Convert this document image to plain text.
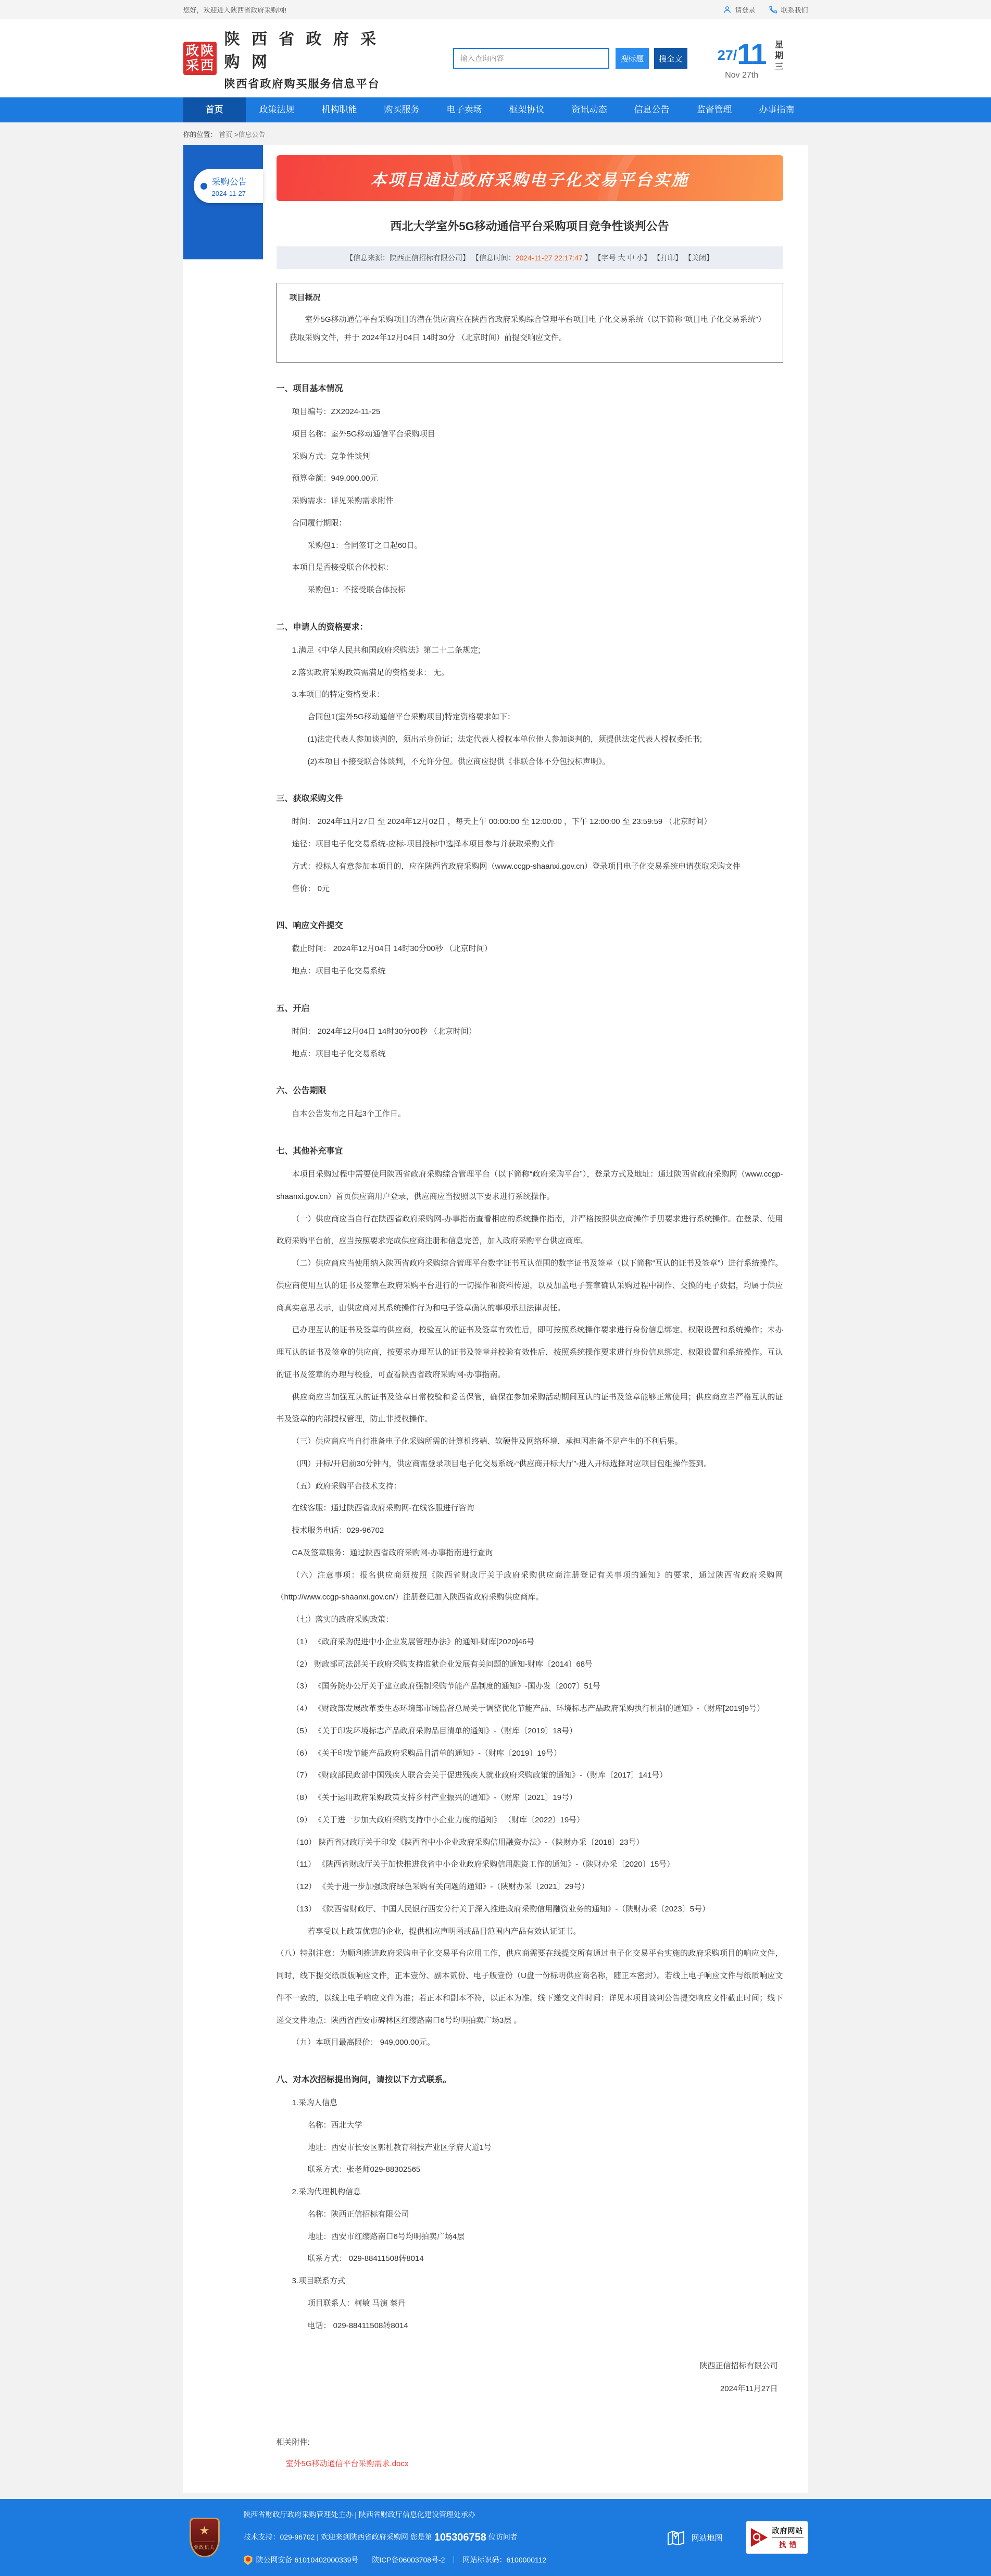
您好，欢迎进入陕西省政府采购网!	请登录	联系我们
政 陕
采 西
陕 西 省 政 府 采 购 网
陕西省政府购买服务信息平台
输入查询内容
搜标题	搜全文	27/11
Nov 27th
星期三
首页	政策法规	机构职能	购买服务	电子卖场	框架协议	资讯动态	信息公告	监督管理	办事指南
你的位置： 首页 >信息公告
采购公告
2024-11-27
本项目通过政府采购电子化交易平台实施
西北大学室外5G移动通信平台采购项目竞争性谈判公告
【信息来源：陕西正信招标有限公司】 【信息时间：2024-11-27 22:17:47 】 【字号 大 中 小】 【打印】 【关闭】
项目概况

室外5G移动通信平台采购项目的潜在供应商应在陕西省政府采购综合管理平台项目电子化交易系统（以下简称“项目电子化交易系统”）获取采购文件，并于 2024年12月04日 14时30分 （北京时间）前提交响应文件。

一、项目基本情况

项目编号：ZX2024-11-25

项目名称：室外5G移动通信平台采购项目

采购方式：竞争性谈判

预算金额：949,000.00元

采购需求：详见采购需求附件

合同履行期限：

采购包1：合同签订之日起60日。

本项目是否接受联合体投标：

采购包1：不接受联合体投标

二、申请人的资格要求：

1.满足《中华人民共和国政府采购法》第二十二条规定;

2.落实政府采购政策需满足的资格要求： 无。

3.本项目的特定资格要求：

合同包1(室外5G移动通信平台采购项目)特定资格要求如下：

(1)法定代表人参加谈判的，须出示身份证；法定代表人授权本单位他人参加谈判的，须提供法定代表人授权委托书;

(2)本项目不接受联合体谈判，不允许分包。供应商应提供《非联合体不分包投标声明》。

三、获取采购文件

时间： 2024年11月27日 至 2024年12月02日 ，每天上午 00:00:00 至 12:00:00 ，下午 12:00:00 至 23:59:59 （北京时间）

途径：项目电子化交易系统-应标-项目投标中选择本项目参与并获取采购文件

方式：投标人有意参加本项目的，应在陕西省政府采购网（www.ccgp-shaanxi.gov.cn）登录项目电子化交易系统申请获取采购文件

售价： 0元

四、响应文件提交

截止时间： 2024年12月04日 14时30分00秒 （北京时间）

地点：项目电子化交易系统

五、开启

时间： 2024年12月04日 14时30分00秒 （北京时间）

地点：项目电子化交易系统

六、公告期限

自本公告发布之日起3个工作日。

七、其他补充事宜

本项目采购过程中需要使用陕西省政府采购综合管理平台（以下简称“政府采购平台”），登录方式及地址：通过陕西省政府采购网（www.ccgp-shaanxi.gov.cn）首页供应商用户登录，供应商应当按照以下要求进行系统操作。

（一）供应商应当自行在陕西省政府采购网-办事指南查看相应的系统操作指南，并严格按照供应商操作手册要求进行系统操作。在登录、使用政府采购平台前，应当按照要求完成供应商注册和信息完善，加入政府采购平台供应商库。

（二）供应商应当使用纳入陕西省政府采购综合管理平台数字证书互认范围的数字证书及签章（以下简称“互认的证书及签章”）进行系统操作。供应商使用互认的证书及签章在政府采购平台进行的一切操作和资料传递，以及加盖电子签章确认采购过程中制作、交换的电子数据，均属于供应商真实意思表示，由供应商对其系统操作行为和电子签章确认的事项承担法律责任。

已办理互认的证书及签章的供应商，校验互认的证书及签章有效性后，即可按照系统操作要求进行身份信息绑定、权限设置和系统操作；未办理互认的证书及签章的供应商，按要求办理互认的证书及签章并校验有效性后，按照系统操作要求进行身份信息绑定、权限设置和系统操作。互认的证书及签章的办理与校验，可查看陕西省政府采购网-办事指南。

供应商应当加强互认的证书及签章日常校验和妥善保管，确保在参加采购活动期间互认的证书及签章能够正常使用；供应商应当严格互认的证书及签章的内部授权管理，防止非授权操作。

（三）供应商应当自行准备电子化采购所需的计算机终端、软硬件及网络环境，承担因准备不足产生的不利后果。

（四）开标/开启前30分钟内，供应商需登录项目电子化交易系统-“供应商开标大厅”-进入开标选择对应项目包组操作签到。

（五）政府采购平台技术支持：

在线客服：通过陕西省政府采购网-在线客服进行咨询

技术服务电话：029-96702

CA及签章服务：通过陕西省政府采购网-办事指南进行查询

（六）注意事项：报名供应商须按照《陕西省财政厅关于政府采购供应商注册登记有关事项的通知》的要求，通过陕西省政府采购网（http://www.ccgp-shaanxi.gov.cn/）注册登记加入陕西省政府采购供应商库。

（七）落实的政府采购政策：

（1） 《政府采购促进中小企业发展管理办法》的通知-财库[2020]46号

（2） 财政部司法部关于政府采购支持监狱企业发展有关问题的通知-财库〔2014〕68号

（3） 《国务院办公厅关于建立政府强制采购节能产品制度的通知》-国办发〔2007〕51号

（4） 《财政部发展改革委生态环境部市场监督总局关于调整优化节能产品、环境标志产品政府采购执行机制的通知》-（财库[2019]9号）

（5） 《关于印发环境标志产品政府采购品目清单的通知》-（财库〔2019〕18号）

（6） 《关于印发节能产品政府采购品目清单的通知》-（财库〔2019〕19号）

（7） 《财政部民政部中国残疾人联合会关于促进残疾人就业政府采购政策的通知》-（财库〔2017〕141号）

（8） 《关于运用政府采购政策支持乡村产业振兴的通知》-（财库〔2021〕19号）

（9） 《关于进一步加大政府采购支持中小企业力度的通知》 （财库〔2022〕19号）

（10） 陕西省财政厅关于印发《陕西省中小企业政府采购信用融资办法》-（陕财办采〔2018〕23号）

（11） 《陕西省财政厅关于加快推进我省中小企业政府采购信用融资工作的通知》-（陕财办采〔2020〕15号）

（12） 《关于进一步加强政府绿色采购有关问题的通知》-（陕财办采〔2021〕29号）

（13） 《陕西省财政厅、中国人民银行西安分行关于深入推进政府采购信用融资业务的通知》-（陕财办采〔2023〕5号）

若享受以上政策优惠的企业，提供相应声明函或品目范围内产品有效认证证书。

（八）特别注意：为顺利推进政府采购电子化交易平台应用工作，供应商需要在线提交所有通过电子化交易平台实施的政府采购项目的响应文件，同时，线下提交纸质版响应文件，正本壹份、副本贰份、电子版壹份（U盘一份标明供应商名称，随正本密封）。若线上电子响应文件与纸质响应文件不一致的，以线上电子响应文件为准；若正本和副本不符，以正本为准。线下递交文件时间：详见本项目谈判公告提交响应文件截止时间；线下递交文件地点：陕西省西安市碑林区红缨路南口6号均明拍卖广场3层 。

（九）本项目最高限价： 949,000.00元。

八、对本次招标提出询问，请按以下方式联系。

1.采购人信息

名称：西北大学

地址：西安市长安区郭杜教育科技产业区学府大道1号

联系方式：张老师029-88302565

2.采购代理机构信息

名称：陕西正信招标有限公司

地址：西安市红缨路南口6号均明拍卖广场4层

联系方式： 029-88411508转8014

3.项目联系方式

项目联系人：柯敏 马演 蔡丹

电话： 029-88411508转8014

陕西正信招标有限公司
2024年11月27日
相关附件:
室外5G移动通信平台采购需求.docx
★
党政机关
陕西省财政厅政府采购管理处主办 | 陕西省财政厅信息化建设管理处承办
技术支持：029-96702 | 欢迎来到陕西省政府采购网 您是第 105306758 位访问者
陕公网安备 61010402000339号 陕ICP备06003708号-2 ｜ 网站标识码： 6100000112
网站地图
政府网站
找错
